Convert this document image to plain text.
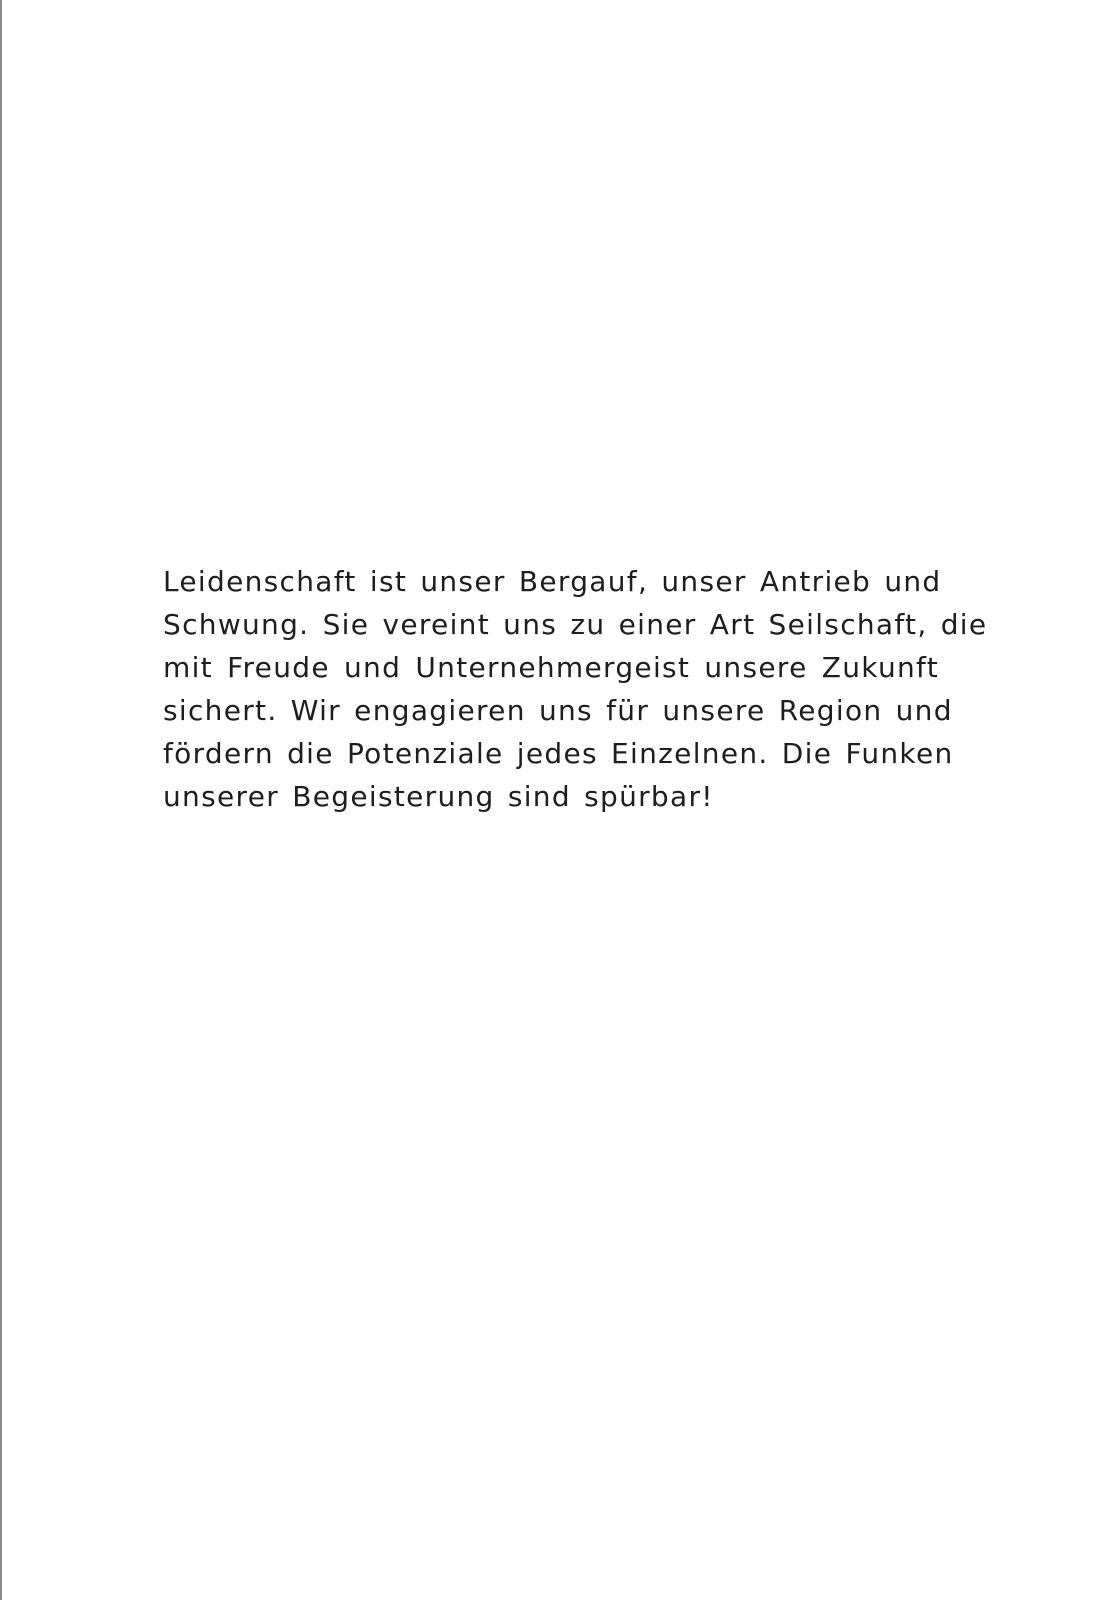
Leidenschaft ist unser Bergauf, unser Antrieb und
Schwung. Sie vereint uns zu einer Art Seilschaft, die
mit Freude und Unternehmergeist unsere Zukunft
sichert. Wir engagieren uns für unsere Region und
fördern die Potenziale jedes Einzelnen. Die Funken
unserer Begeisterung sind spürbar!
